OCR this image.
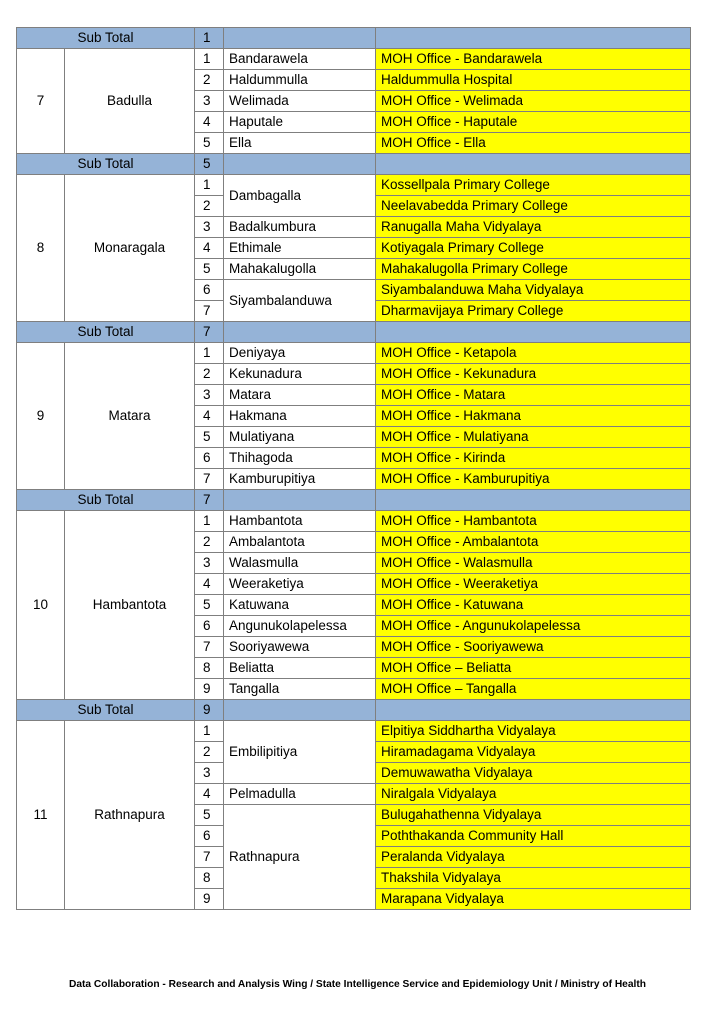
Sub Total		1		
7	Badulla	1	Bandarawela	MOH Office - Bandarawela
		2	Haldummulla	Haldummulla Hospital
		3	Welimada	MOH Office - Welimada
		4	Haputale	MOH Office - Haputale
		5	Ella	MOH Office - Ella
Sub Total		5		
8	Monaragala	1	Dambagalla	Kossellpala Primary College
		2		Neelavabedda Primary College
		3	Badalkumbura	Ranugalla Maha Vidyalaya
		4	Ethimale	Kotiyagala Primary College
		5	Mahakalugolla	Mahakalugolla Primary College
		6	Siyambalanduwa	Siyambalanduwa Maha Vidyalaya
		7		Dharmavijaya Primary College
Sub Total		7		
9	Matara	1	Deniyaya	MOH Office - Ketapola
		2	Kekunadura	MOH Office - Kekunadura
		3	Matara	MOH Office - Matara
		4	Hakmana	MOH Office - Hakmana
		5	Mulatiyana	MOH Office - Mulatiyana
		6	Thihagoda	MOH Office - Kirinda
		7	Kamburupitiya	MOH Office - Kamburupitiya
Sub Total		7		
10	Hambantota	1	Hambantota	MOH Office - Hambantota
		2	Ambalantota	MOH Office - Ambalantota
		3	Walasmulla	MOH Office - Walasmulla
		4	Weeraketiya	MOH Office - Weeraketiya
		5	Katuwana	MOH Office - Katuwana
		6	Angunukolapelessa	MOH Office - Angunukolapelessa
		7	Sooriyawewa	MOH Office - Sooriyawewa
		8	Beliatta	MOH Office – Beliatta
		9	Tangalla	MOH Office – Tangalla
Sub Total		9		
11	Rathnapura	1	Embilipitiya	Elpitiya Siddhartha Vidyalaya
		2		Hiramadagama Vidyalaya
		3		Demuwawatha Vidyalaya
		4	Pelmadulla	Niralgala Vidyalaya
		5	Rathnapura	Bulugahathenna Vidyalaya
		6		Poththakanda Community Hall
		7		Peralanda Vidyalaya
		8		Thakshila Vidyalaya
		9		Marapana Vidyalaya
Data Collaboration - Research and Analysis Wing / State Intelligence Service and Epidemiology Unit / Ministry of Health
